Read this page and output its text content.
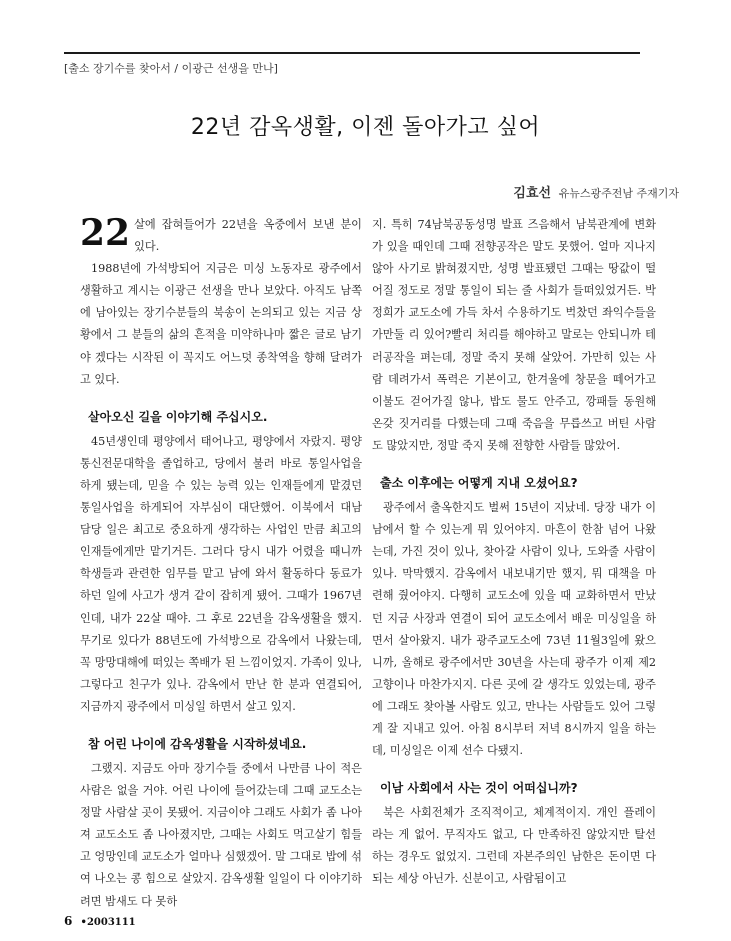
[출소 장기수를 찾아서 / 이광근 선생을 만나]
22년 감옥생활, 이젠 돌아가고 싶어
김효선 유뉴스광주전남 주재기자

22 살에 잡혀들어가 22년을 옥중에서 보낸 분이 있다.

1988년에 가석방되어 지금은 미싱 노동자로 광주에서 생활하고 계시는 이광근 선생을 만나 보았다. 아직도 남쪽에 남아있는 장기수분들의 북송이 논의되고 있는 지금 상황에서 그 분들의 삶의 흔적을 미약하나마 짧은 글로 남기야 겠다는 시작된 이 꼭지도 어느덧 종착역을 향해 달려가고 있다.

살아오신 길을 이야기해 주십시오.

45년생인데 평양에서 태어나고, 평양에서 자랐지. 평양통신전문대학을 졸업하고, 당에서 불러 바로 통일사업을 하게 됐는데, 믿을 수 있는 능력 있는 인재들에게 맡겼던 통일사업을 하게되어 자부심이 대단했어. 이북에서 대남 담당 일은 최고로 중요하게 생각하는 사업인 만큼 최고의 인재들에게만 맡기거든. 그러다 당시 내가 어렸을 때니까 학생들과 관련한 임무를 맡고 남에 와서 활동하다 동료가 하던 일에 사고가 생겨 같이 잡히게 됐어. 그때가 1967년인데, 내가 22살 때야. 그 후로 22년을 감옥생활을 했지. 무기로 있다가 88년도에 가석방으로 감옥에서 나왔는데, 꼭 망망대해에 떠있는 쪽배가 된 느낌이었지. 가족이 있나, 그렇다고 친구가 있나. 감옥에서 만난 한 분과 연결되어, 지금까지 광주에서 미싱일 하면서 살고 있지.

참 어린 나이에 감옥생활을 시작하셨네요.

그랬지. 지금도 아마 장기수들 중에서 나만큼 나이 적은 사람은 없을 거야. 어린 나이에 들어갔는데 그때 교도소는 정말 사람살 곳이 못됐어. 지금이야 그래도 사회가 좀 나아져 교도소도 좀 나아졌지만, 그때는 사회도 먹고살기 힘들고 엉망인데 교도소가 얼마나 심했겠어. 말 그대로 밥에 섞여 나오는 콩 힘으로 살았지. 감옥생활 일일이 다 이야기하려면 밤새도 다 못하

지. 특히 74남북공동성명 발표 즈음해서 남북관계에 변화가 있을 때인데 그때 전향공작은 말도 못했어. 얼마 지나지 않아 사기로 밝혀졌지만, 성명 발표됐던 그때는 땅값이 떨어질 정도로 정말 통일이 되는 줄 사회가 들떠있었거든. 박정희가 교도소에 가득 차서 수용하기도 벅찼던 좌익수들을 가만둘 리 있어?빨리 처리를 해야하고 말로는 안되니까 테러공작을 펴는데, 정말 죽지 못해 살았어. 가만히 있는 사람 데려가서 폭력은 기본이고, 한겨울에 창문을 떼어가고 이불도 걷어가질 않나, 밥도 물도 안주고, 깡패들 동원해 온갖 짓거리를 다했는데 그때 죽음을 무릅쓰고 버틴 사람도 많았지만, 정말 죽지 못해 전향한 사람들 많았어.

출소 이후에는 어떻게 지내 오셨어요?

광주에서 출옥한지도 벌써 15년이 지났네. 당장 내가 이남에서 할 수 있는게 뭐 있어야지. 마흔이 한참 넘어 나왔는데, 가진 것이 있나, 찾아갈 사람이 있나, 도와줄 사람이 있나. 막막했지. 감옥에서 내보내기만 했지, 뭐 대책을 마련해 줬어야지. 다행히 교도소에 있을 때 교화하면서 만났던 지금 사장과 연결이 되어 교도소에서 배운 미싱일을 하면서 살아왔지. 내가 광주교도소에 73년 11월3일에 왔으니까, 올해로 광주에서만 30년을 사는데 광주가 이제 제2고향이나 마찬가지지. 다른 곳에 갈 생각도 있었는데, 광주에 그래도 찾아볼 사람도 있고, 만나는 사람들도 있어 그렇게 잘 지내고 있어. 아침 8시부터 저녁 8시까지 일을 하는데, 미싱일은 이제 선수 다됐지.

이남 사회에서 사는 것이 어떠십니까?

북은 사회전체가 조직적이고, 체계적이지. 개인 플레이라는 게 없어. 무직자도 없고, 다 만족하진 않았지만 탈선하는 경우도 없었지. 그런데 자본주의인 남한은 돈이면 다 되는 세상 아닌가. 신분이고, 사람됨이고

6 •2003111
